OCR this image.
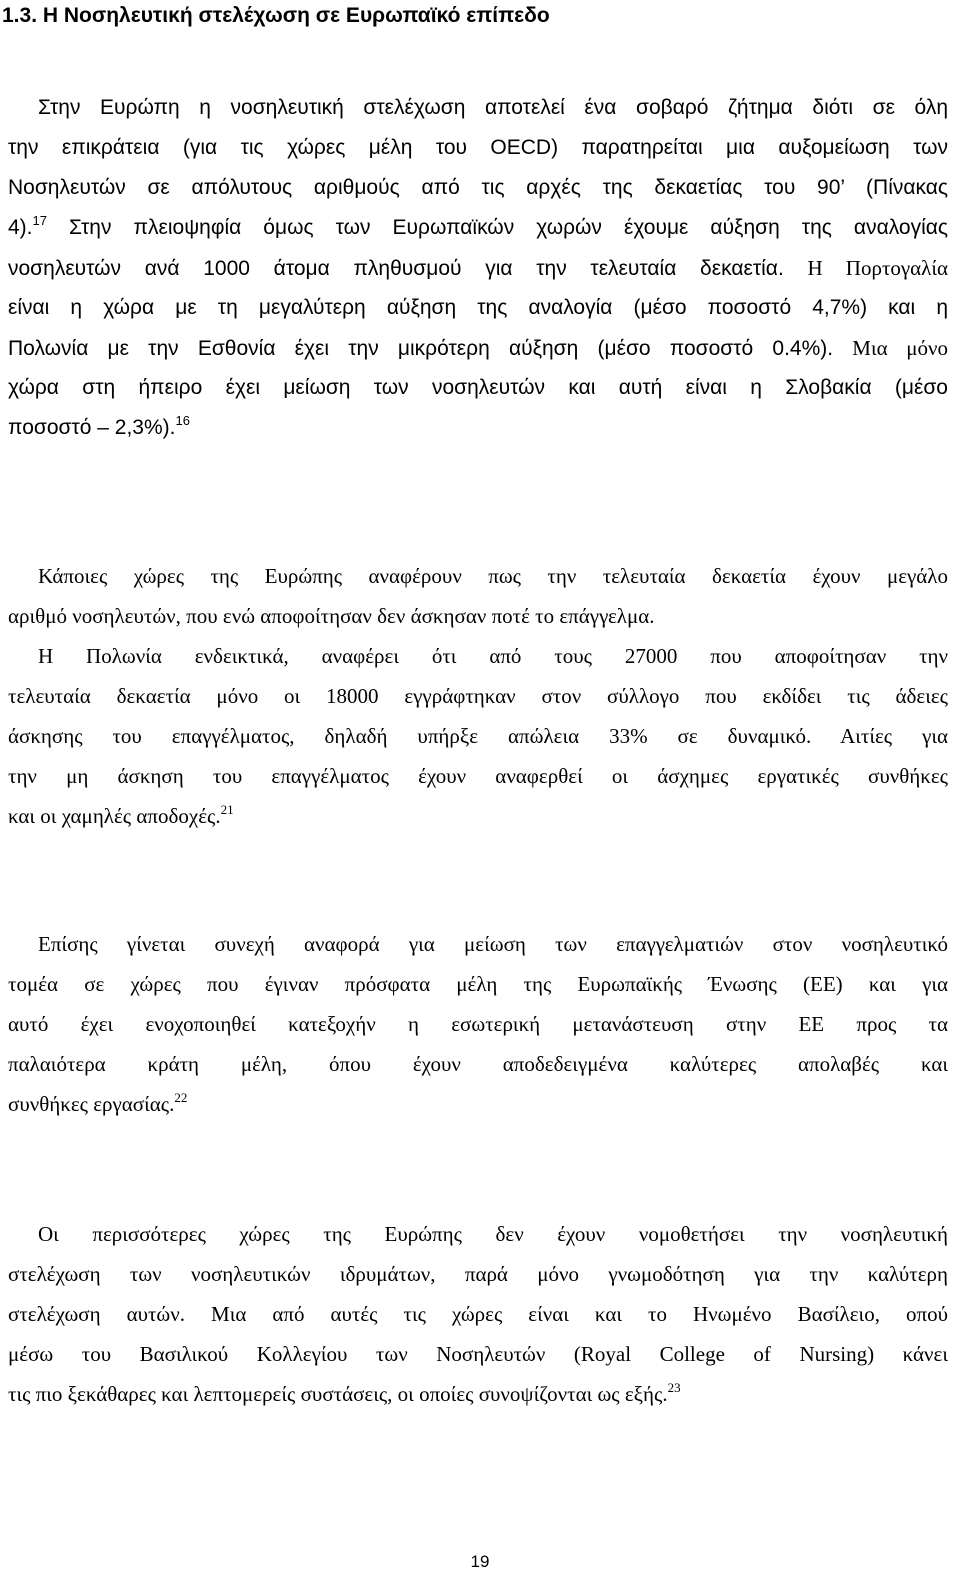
1.3. Η Νοσηλευτική στελέχωση σε Ευρωπαϊκό επίπεδο
Στην Ευρώπη η νοσηλευτική στελέχωση αποτελεί ένα σοβαρό ζήτημα διότι σε όλη
την επικράτεια (για τις χώρες μέλη του OECD) παρατηρείται μια αυξομείωση των
Νοσηλευτών σε απόλυτους αριθμούς από τις αρχές της δεκαετίας του 90’ (Πίνακας
4).$^{17}$ Στην πλειοψηφία όμως των Ευρωπαϊκών χωρών έχουμε αύξηση της αναλογίας
νοσηλευτών ανά 1000 άτομα πληθυσμού για την τελευταία δεκαετία. Η Πορτογαλία
είναι η χώρα με τη μεγαλύτερη αύξηση της αναλογία (μέσο ποσοστό 4,7%) και η
Πολωνία με την Εσθονία έχει την μικρότερη αύξηση (μέσο ποσοστό 0.4%). Μια μόνο
χώρα στη ήπειρο έχει μείωση των νοσηλευτών και αυτή είναι η Σλοβακία (μέσο
ποσοστό – 2,3%).$^{16}$
Κάποιες χώρες της Ευρώπης αναφέρουν πως την τελευταία δεκαετία έχουν μεγάλο
αριθμό νοσηλευτών, που ενώ αποφοίτησαν δεν άσκησαν ποτέ το επάγγελμα.
Η Πολωνία ενδεικτικά, αναφέρει ότι από τους 27000 που αποφοίτησαν την
τελευταία δεκαετία μόνο οι 18000 εγγράφτηκαν στον σύλλογο που εκδίδει τις άδειες
άσκησης του επαγγέλματος, δηλαδή υπήρξε απώλεια 33% σε δυναμικό. Αιτίες για
την μη άσκηση του επαγγέλματος έχουν αναφερθεί οι άσχημες εργατικές συνθήκες
και οι χαμηλές αποδοχές.$^{21}$
Επίσης γίνεται συνεχή αναφορά για μείωση των επαγγελματιών στον νοσηλευτικό
τομέα σε χώρες που έγιναν πρόσφατα μέλη της Ευρωπαϊκής Ένωσης (ΕΕ) και για
αυτό έχει ενοχοποιηθεί κατεξοχήν η εσωτερική μετανάστευση στην ΕΕ προς τα
παλαιότερα κράτη μέλη, όπου έχουν αποδεδειγμένα καλύτερες απολαβές και
συνθήκες εργασίας.$^{22}$
Οι περισσότερες χώρες της Ευρώπης δεν έχουν νομοθετήσει την νοσηλευτική
στελέχωση των νοσηλευτικών ιδρυμάτων, παρά μόνο γνωμοδότηση για την καλύτερη
στελέχωση αυτών. Μια από αυτές τις χώρες είναι και το Ηνωμένο Βασίλειο, οπού
μέσω του Βασιλικού Κολλεγίου των Νοσηλευτών (Royal College of Nursing) κάνει
τις πιο ξεκάθαρες και λεπτομερείς συστάσεις, οι οποίες συνοψίζονται ως εξής.$^{23}$
19
